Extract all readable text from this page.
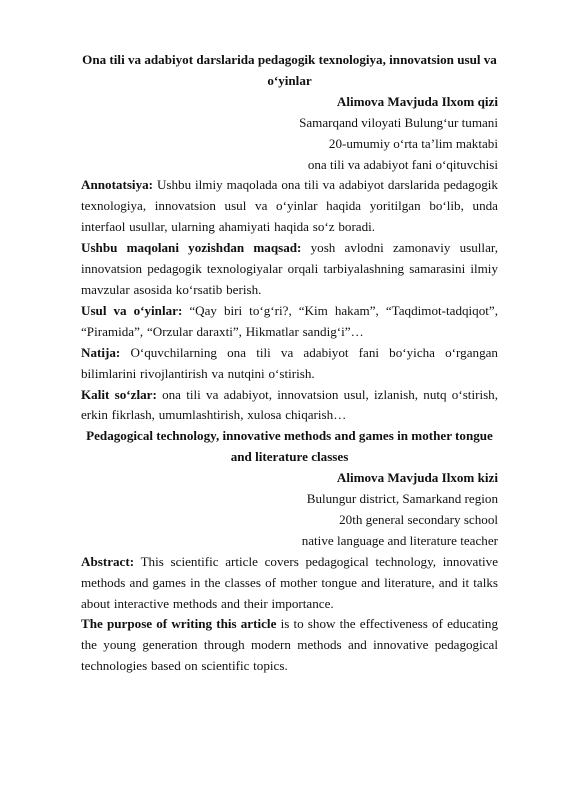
Ona tili va adabiyot darslarida pedagogik texnologiya, innovatsion usul va o‘yinlar

Alimova Mavjuda Ilxom qizi

Samarqand viloyati Bulung‘ur tumani

20-umumiy o‘rta ta’lim maktabi

ona tili va adabiyot fani o‘qituvchisi

Annotatsiya: Ushbu ilmiy maqolada ona tili va adabiyot darslarida pedagogik texnologiya, innovatsion usul va o‘yinlar haqida yoritilgan bo‘lib, unda interfaol usullar, ularning ahamiyati haqida so‘z boradi.

Ushbu maqolani yozishdan maqsad: yosh avlodni zamonaviy usullar, innovatsion pedagogik texnologiyalar orqali tarbiyalashning samarasini ilmiy mavzular asosida ko‘rsatib berish.

Usul va o‘yinlar: “Qay biri to‘g‘ri?, “Kim hakam”, “Taqdimot-tadqiqot”, “Piramida”, “Orzular daraxti”, Hikmatlar sandig‘i”…

Natija: O‘quvchilarning ona tili va adabiyot fani bo‘yicha o‘rgangan bilimlarini rivojlantirish va nutqini o‘stirish.

Kalit so‘zlar: ona tili va adabiyot, innovatsion usul, izlanish, nutq o‘stirish, erkin fikrlash, umumlashtirish, xulosa chiqarish…

Pedagogical technology, innovative methods and games in mother tongue and literature classes

Alimova Mavjuda Ilxom kizi

Bulungur district, Samarkand region

20th general secondary school

native language and literature teacher

Abstract: This scientific article covers pedagogical technology, innovative methods and games in the classes of mother tongue and literature, and it talks about interactive methods and their importance.

The purpose of writing this article is to show the effectiveness of educating the young generation through modern methods and innovative pedagogical technologies based on scientific topics.
